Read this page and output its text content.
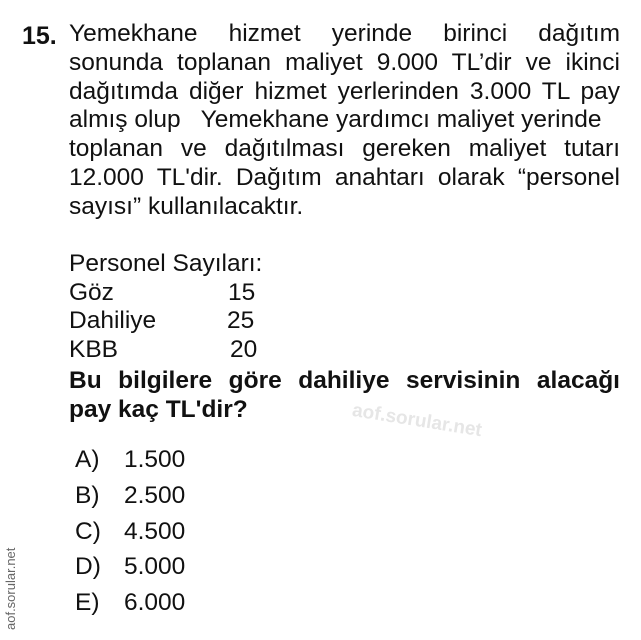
15. Yemekhane hizmet yerinde birinci dağıtım
sonunda toplanan maliyet 9.000 TL’dir ve ikinci
dağıtımda diğer hizmet yerlerinden 3.000 TL pay
almış olup   Yemekhane yardımcı maliyet yerinde
toplanan ve dağıtılması gereken maliyet tutarı
12.000 TL'dir. Dağıtım anahtarı olarak “personel
sayısı” kullanılacaktır.
Personel Sayıları:
Göz	15
Dahiliye	25
KBB	20
Bu bilgilere göre dahiliye servisinin alacağı
pay kaç TL'dir?
A) 1.500
B) 2.500
C) 4.500
D) 5.000
E) 6.000
aof.sorular.net
aof.sorular.net
